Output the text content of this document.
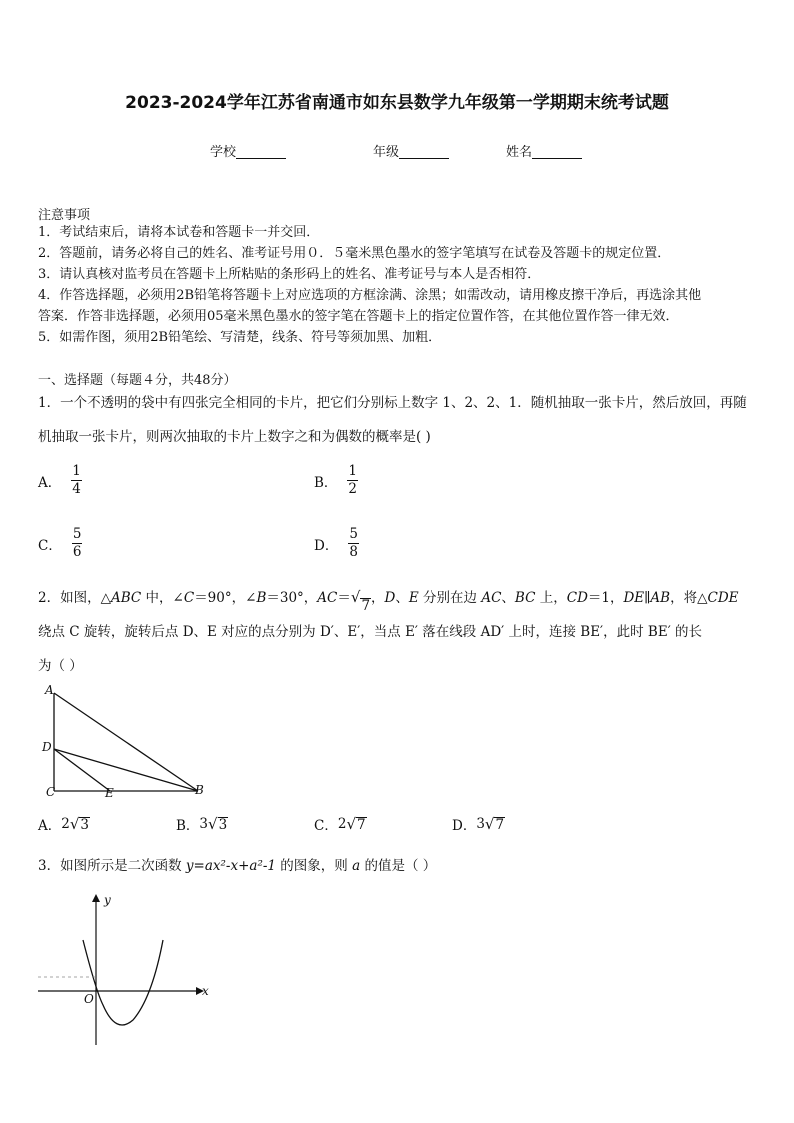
2023-2024学年江苏省南通市如东县数学九年级第一学期期末统考试题
学校	年级	姓名
注意事项
1．考试结束后，请将本试卷和答题卡一并交回．
2．答题前，请务必将自己的姓名、准考证号用０．５毫米黑色墨水的签字笔填写在试卷及答题卡的规定位置．
3．请认真核对监考员在答题卡上所粘贴的条形码上的姓名、准考证号与本人是否相符．
4．作答选择题，必须用2B铅笔将答题卡上对应选项的方框涂满、涂黑；如需改动，请用橡皮擦干净后，再选涂其他
答案．作答非选择题，必须用05毫米黑色墨水的签字笔在答题卡上的指定位置作答，在其他位置作答一律无效．
5．如需作图，须用2B铅笔绘、写清楚，线条、符号等须加黑、加粗．
一、选择题（每题４分，共48分）

1．一个不透明的袋中有四张完全相同的卡片，把它们分别标上数字 1、2、2、1．随机抽取一张卡片，然后放回，再随

机抽取一张卡片，则两次抽取的卡片上数字之和为偶数的概率是( )

A． $\frac{1}{4}$	B． $\frac{1}{2}$
C． $\frac{5}{6}$	D． $\frac{5}{8}$

2．如图，△ABC 中，∠C＝90°，∠B＝30°，AC＝ √ 7 ，D、E 分别在边 AC、BC 上，CD＝1，DE∥AB，将△CDE

绕点 C 旋转，旋转后点 D、E 对应的点分别为 D′、E′，当点 E′ 落在线段 AD′ 上时，连接 BE′，此时 BE′ 的长

为（ ）

A
D
C	E	B
A． 2 √ 3	B． 3 √ 3	C． 2 √ 7	D． 3 √ 7

3．如图所示是二次函数 y=ax²-x+a²-1 的图象，则 a 的值是（ ）

y
x
O
